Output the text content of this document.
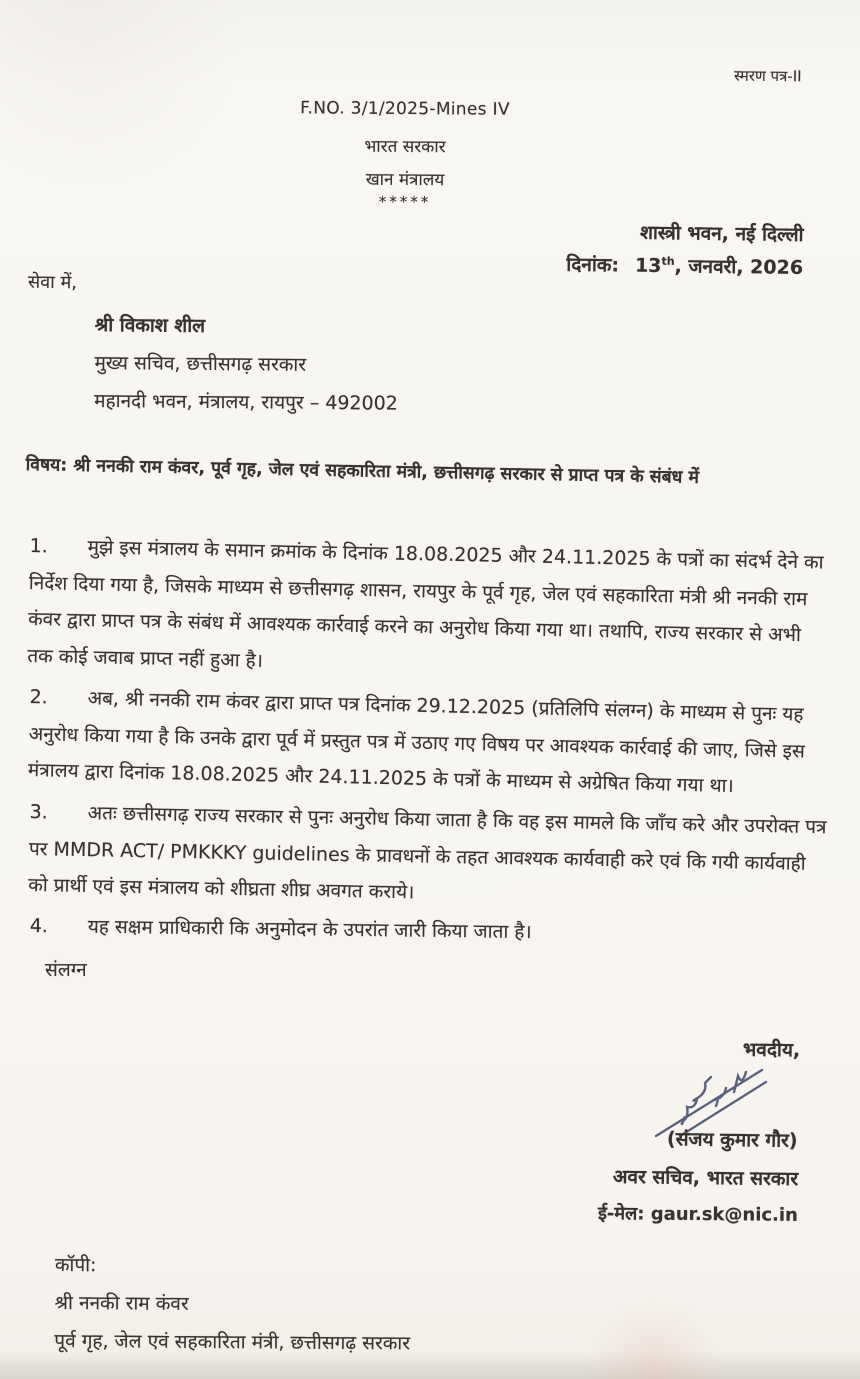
स्मरण पत्र-II
F.NO. 3/1/2025-Mines IV
भारत सरकार
खान मंत्रालय
*****
शास्त्री भवन, नई दिल्ली
दिनांक: 13th, जनवरी, 2026
सेवा में,
श्री विकाश शील
मुख्य सचिव, छत्तीसगढ़ सरकार
महानदी भवन, मंत्रालय, रायपुर – 492002
विषय: श्री ननकी राम कंवर, पूर्व गृह, जेल एवं सहकारिता मंत्री, छत्तीसगढ़ सरकार से प्राप्त पत्र के संबंध में

1. मुझे इस मंत्रालय के समान क्रमांक के दिनांक 18.08.2025 और 24.11.2025 के पत्रों का संदर्भ देने का निर्देश दिया गया है, जिसके माध्यम से छत्तीसगढ़ शासन, रायपुर के पूर्व गृह, जेल एवं सहकारिता मंत्री श्री ननकी राम कंवर द्वारा प्राप्त पत्र के संबंध में आवश्यक कार्रवाई करने का अनुरोध किया गया था। तथापि, राज्य सरकार से अभी तक कोई जवाब प्राप्त नहीं हुआ है।

2. अब, श्री ननकी राम कंवर द्वारा प्राप्त पत्र दिनांक 29.12.2025 (प्रतिलिपि संलग्न) के माध्यम से पुनः यह अनुरोध किया गया है कि उनके द्वारा पूर्व में प्रस्तुत पत्र में उठाए गए विषय पर आवश्यक कार्रवाई की जाए, जिसे इस मंत्रालय द्वारा दिनांक 18.08.2025 और 24.11.2025 के पत्रों के माध्यम से अग्रेषित किया गया था।

3. अतः छत्तीसगढ़ राज्य सरकार से पुनः अनुरोध किया जाता है कि वह इस मामले कि जाँच करे और उपरोक्त पत्र पर MMDR ACT/ PMKKKY guidelines के प्रावधनों के तहत आवश्यक कार्यवाही करे एवं कि गयी कार्यवाही को प्रार्थी एवं इस मंत्रालय को शीघ्रता शीघ्र अवगत कराये।

4. यह सक्षम प्राधिकारी कि अनुमोदन के उपरांत जारी किया जाता है।

संलग्न
भवदीय,
(संजय कुमार गौर)
अवर सचिव, भारत सरकार
ई-मेल: gaur.sk@nic.in
कॉपी:
श्री ननकी राम कंवर
पूर्व गृह, जेल एवं सहकारिता मंत्री, छत्तीसगढ़ सरकार
